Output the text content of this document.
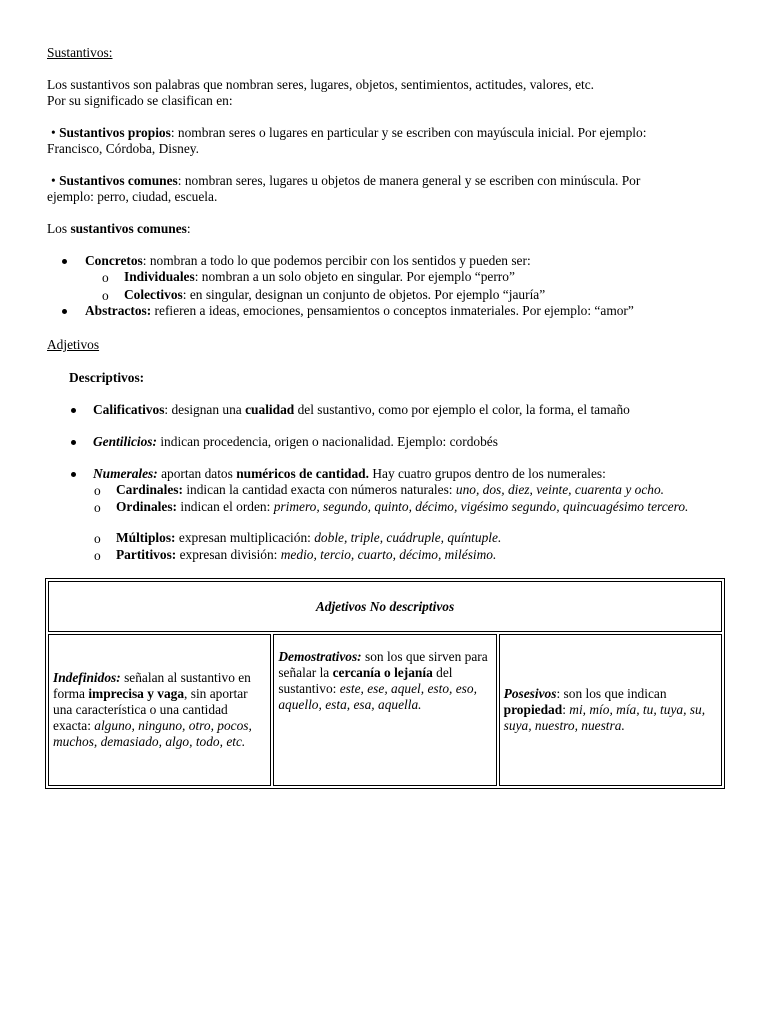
Sustantivos:

Los sustantivos son palabras que nombran seres, lugares, objetos, sentimientos, actitudes, valores, etc.
Por su significado se clasifican en:

• Sustantivos propios: nombran seres o lugares en particular y se escriben con mayúscula inicial. Por ejemplo:
Francisco, Córdoba, Disney.

• Sustantivos comunes: nombran seres, lugares u objetos de manera general y se escriben con minúscula. Por
ejemplo: perro, ciudad, escuela.

Los sustantivos comunes:

Concretos: nombran a todo lo que podemos percibir con los sentidos y pueden ser:

o Individuales: nombran a un solo objeto en singular. Por ejemplo “perro”

o Colectivos: en singular, designan un conjunto de objetos. Por ejemplo “jauría”

Abstractos: refieren a ideas, emociones, pensamientos o conceptos inmateriales. Por ejemplo: “amor”

Adjetivos

Descriptivos:

Calificativos: designan una cualidad del sustantivo, como por ejemplo el color, la forma, el tamaño

Gentilicios: indican procedencia, origen o nacionalidad. Ejemplo: cordobés

Numerales: aportan datos numéricos de cantidad. Hay cuatro grupos dentro de los numerales:

o Cardinales: indican la cantidad exacta con números naturales: uno, dos, diez, veinte, cuarenta y ocho.

o Ordinales: indican el orden: primero, segundo, quinto, décimo, vigésimo segundo, quincuagésimo tercero.

o Múltiplos: expresan multiplicación: doble, triple, cuádruple, quíntuple.

o Partitivos: expresan división: medio, tercio, cuarto, décimo, milésimo.

Adjetivos No descriptivos
Indefinidos: señalan al sustantivo en forma imprecisa y vaga, sin aportar una característica o una cantidad exacta: alguno, ninguno, otro, pocos, muchos, demasiado, algo, todo, etc.	Demostrativos: son los que sirven para señalar la cercanía o lejanía del sustantivo: este, ese, aquel, esto, eso, aquello, esta, esa, aquella.	Posesivos: son los que indican propiedad: mi, mío, mía, tu, tuya, su, suya, nuestro, nuestra.
